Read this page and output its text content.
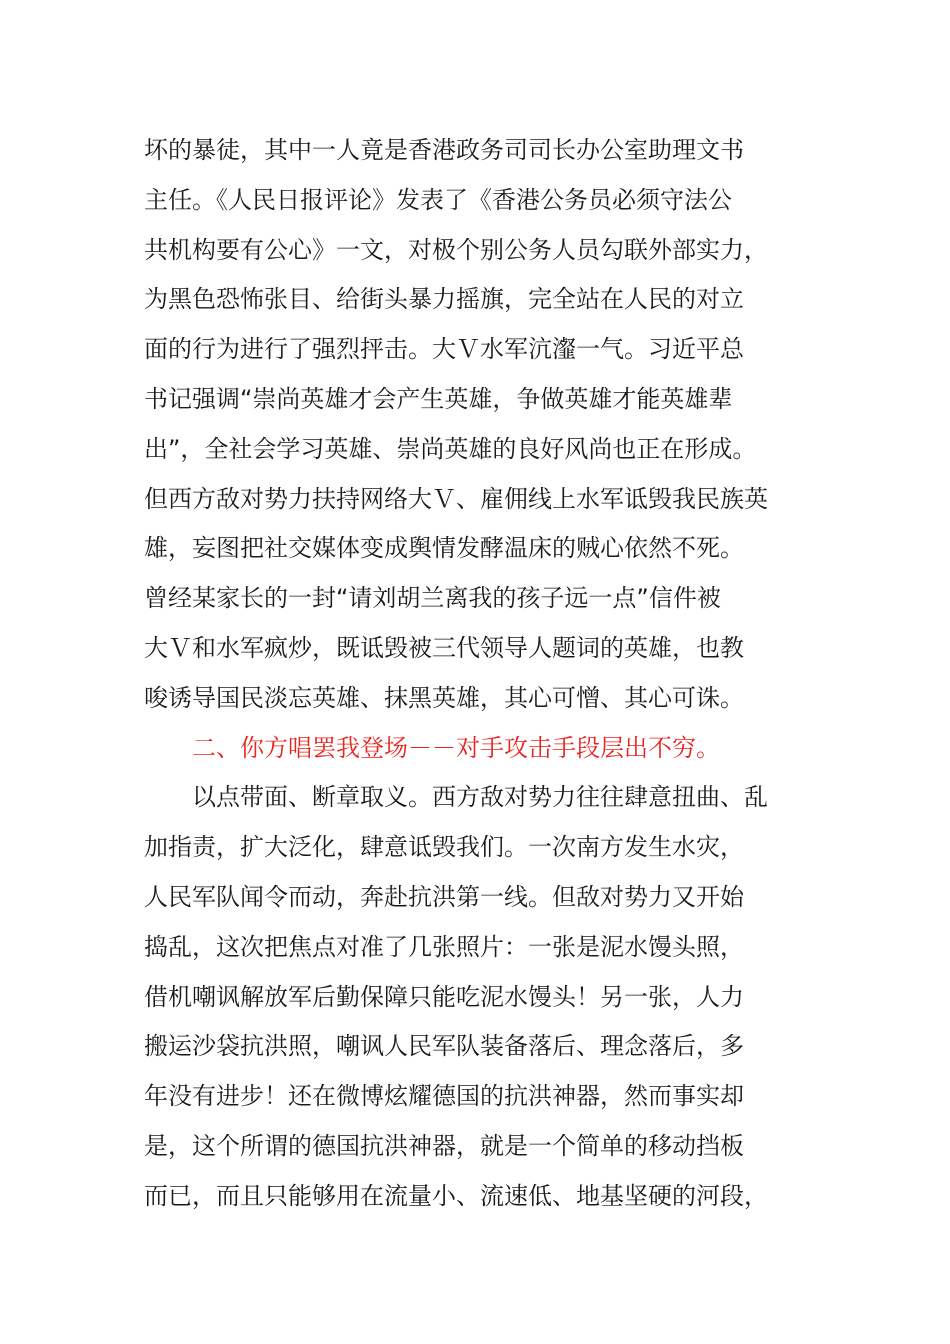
坏的暴徒，其中一人竟是香港政务司司长办公室助理文书
主任。《人民日报评论》发表了《香港公务员必须守法公
共机构要有公心》一文，对极个别公务人员勾联外部实力，
为黑色恐怖张目、给街头暴力摇旗，完全站在人民的对立
面的行为进行了强烈抨击。大Ｖ水军沆瀣一气。习近平总
书记强调“崇尚英雄才会产生英雄，争做英雄才能英雄辈
出”，全社会学习英雄、崇尚英雄的良好风尚也正在形成。
但西方敌对势力扶持网络大Ｖ、雇佣线上水军诋毁我民族英
雄，妄图把社交媒体变成舆情发酵温床的贼心依然不死。
曾经某家长的一封“请刘胡兰离我的孩子远一点”信件被
大Ｖ和水军疯炒，既诋毁被三代领导人题词的英雄，也教
唆诱导国民淡忘英雄、抹黑英雄，其心可憎、其心可诛。
二、你方唱罢我登场－－对手攻击手段层出不穷。
以点带面、断章取义。西方敌对势力往往肆意扭曲、乱
加指责，扩大泛化，肆意诋毁我们。一次南方发生水灾，
人民军队闻令而动，奔赴抗洪第一线。但敌对势力又开始
捣乱，这次把焦点对准了几张照片：一张是泥水馒头照，
借机嘲讽解放军后勤保障只能吃泥水馒头！另一张，人力
搬运沙袋抗洪照，嘲讽人民军队装备落后、理念落后，多
年没有进步！还在微博炫耀德国的抗洪神器，然而事实却
是，这个所谓的德国抗洪神器，就是一个简单的移动挡板
而已，而且只能够用在流量小、流速低、地基坚硬的河段，
